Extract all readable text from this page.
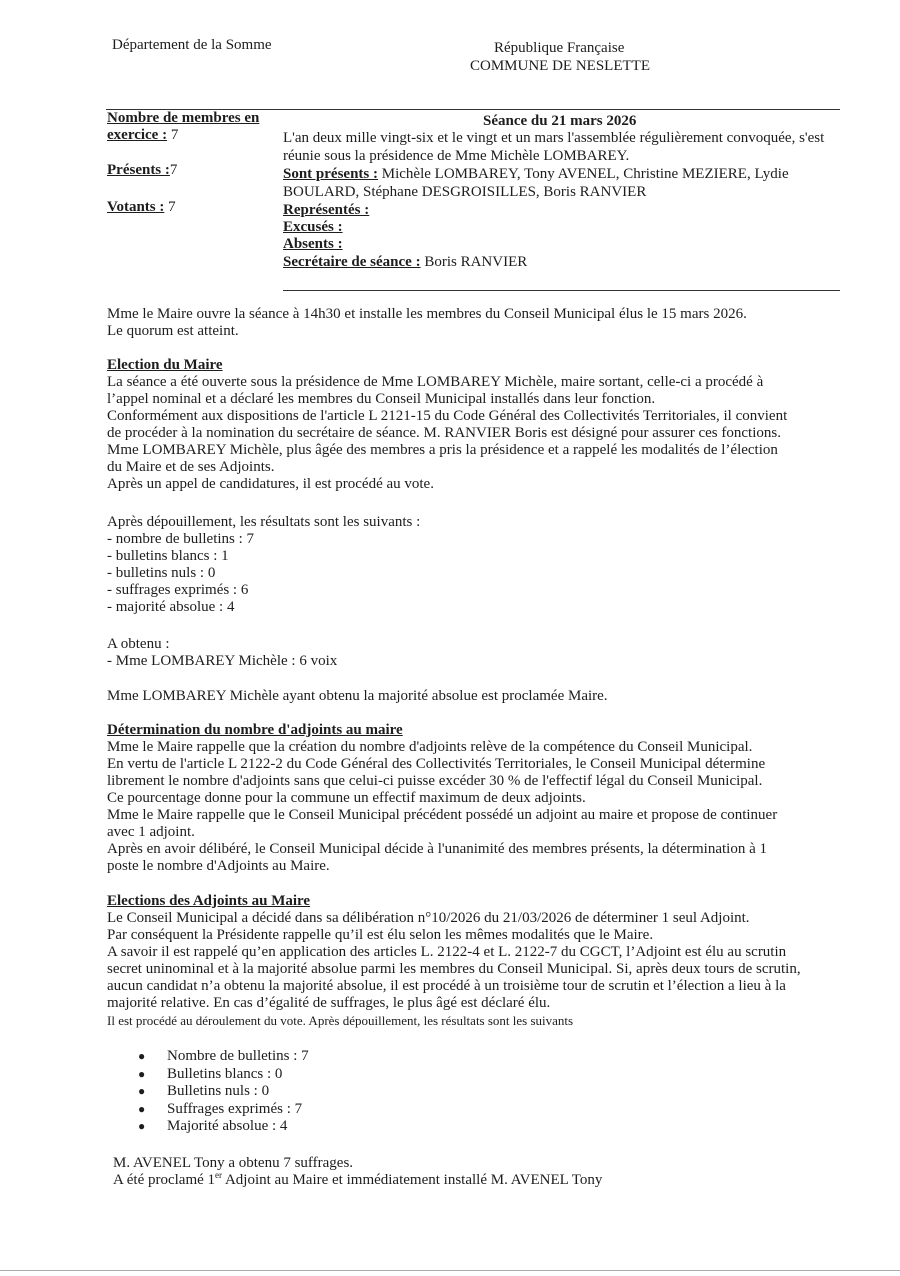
Département de la Somme	République Française
COMMUNE DE NESLETTE
Nombre de membres en
exercice : 7
Présents :7
Votants : 7
Séance du 21 mars 2026
L'an deux mille vingt-six et le vingt et un mars l'assemblée régulièrement convoquée, s'est
réunie sous la présidence de Mme Michèle LOMBAREY.
Sont présents : Michèle LOMBAREY, Tony AVENEL, Christine MEZIERE, Lydie
BOULARD, Stéphane DESGROISILLES, Boris RANVIER
Représentés :
Excusés :
Absents :
Secrétaire de séance : Boris RANVIER
Mme le Maire ouvre la séance à 14h30 et installe les membres du Conseil Municipal élus le 15 mars 2026.
Le quorum est atteint.
Election du Maire
La séance a été ouverte sous la présidence de Mme LOMBAREY Michèle, maire sortant, celle-ci a procédé à
l’appel nominal et a déclaré les membres du Conseil Municipal installés dans leur fonction.
Conformément aux dispositions de l'article L 2121-15 du Code Général des Collectivités Territoriales, il convient
de procéder à la nomination du secrétaire de séance. M. RANVIER Boris est désigné pour assurer ces fonctions.
Mme LOMBAREY Michèle, plus âgée des membres a pris la présidence et a rappelé les modalités de l’élection
du Maire et de ses Adjoints.
Après un appel de candidatures, il est procédé au vote.
Après dépouillement, les résultats sont les suivants :
- nombre de bulletins : 7
- bulletins blancs : 1
- bulletins nuls : 0
- suffrages exprimés : 6
- majorité absolue : 4
A obtenu :
- Mme LOMBAREY Michèle : 6 voix
Mme LOMBAREY Michèle ayant obtenu la majorité absolue est proclamée Maire.
Détermination du nombre d'adjoints au maire
Mme le Maire rappelle que la création du nombre d'adjoints relève de la compétence du Conseil Municipal.
En vertu de l'article L 2122-2 du Code Général des Collectivités Territoriales, le Conseil Municipal détermine
librement le nombre d'adjoints sans que celui-ci puisse excéder 30 % de l'effectif légal du Conseil Municipal.
Ce pourcentage donne pour la commune un effectif maximum de deux adjoints.
Mme le Maire rappelle que le Conseil Municipal précédent possédé un adjoint au maire et propose de continuer
avec 1 adjoint.
Après en avoir délibéré, le Conseil Municipal décide à l'unanimité des membres présents, la détermination à 1
poste le nombre d'Adjoints au Maire.
Elections des Adjoints au Maire
Le Conseil Municipal a décidé dans sa délibération n°10/2026 du 21/03/2026 de déterminer 1 seul Adjoint.
Par conséquent la Présidente rappelle qu’il est élu selon les mêmes modalités que le Maire.
A savoir il est rappelé qu’en application des articles L. 2122-4 et L. 2122-7 du CGCT, l’Adjoint est élu au scrutin
secret uninominal et à la majorité absolue parmi les membres du Conseil Municipal. Si, après deux tours de scrutin,
aucun candidat n’a obtenu la majorité absolue, il est procédé à un troisième tour de scrutin et l’élection a lieu à la
majorité relative. En cas d’égalité de suffrages, le plus âgé est déclaré élu.
Il est procédé au déroulement du vote. Après dépouillement, les résultats sont les suivants
●	Nombre de bulletins : 7
●	Bulletins blancs : 0
●	Bulletins nuls : 0
●	Suffrages exprimés : 7
●	Majorité absolue : 4
M. AVENEL Tony a obtenu 7 suffrages.
A été proclamé 1er Adjoint au Maire et immédiatement installé M. AVENEL Tony
